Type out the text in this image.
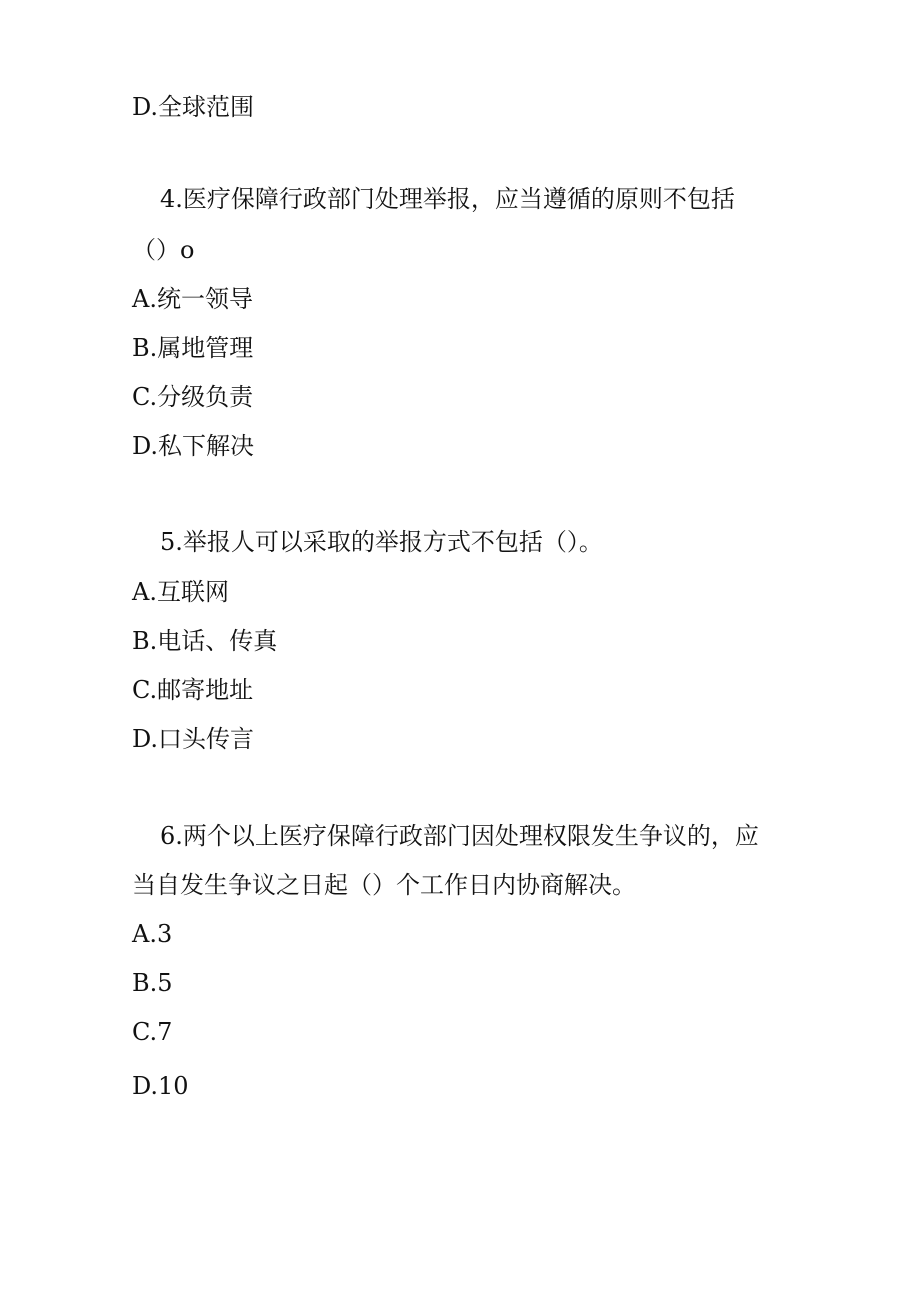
D.全球范围
4.医疗保障行政部门处理举报，应当遵循的原则不包括
（）o
A.统一领导
B.属地管理
C.分级负责
D.私下解决
5.举报人可以采取的举报方式不包括（）。
A.互联网
B.电话、传真
C.邮寄地址
D.口头传言
6.两个以上医疗保障行政部门因处理权限发生争议的，应
当自发生争议之日起（）个工作日内协商解决。
A.3
B.5
C.7
D.10
